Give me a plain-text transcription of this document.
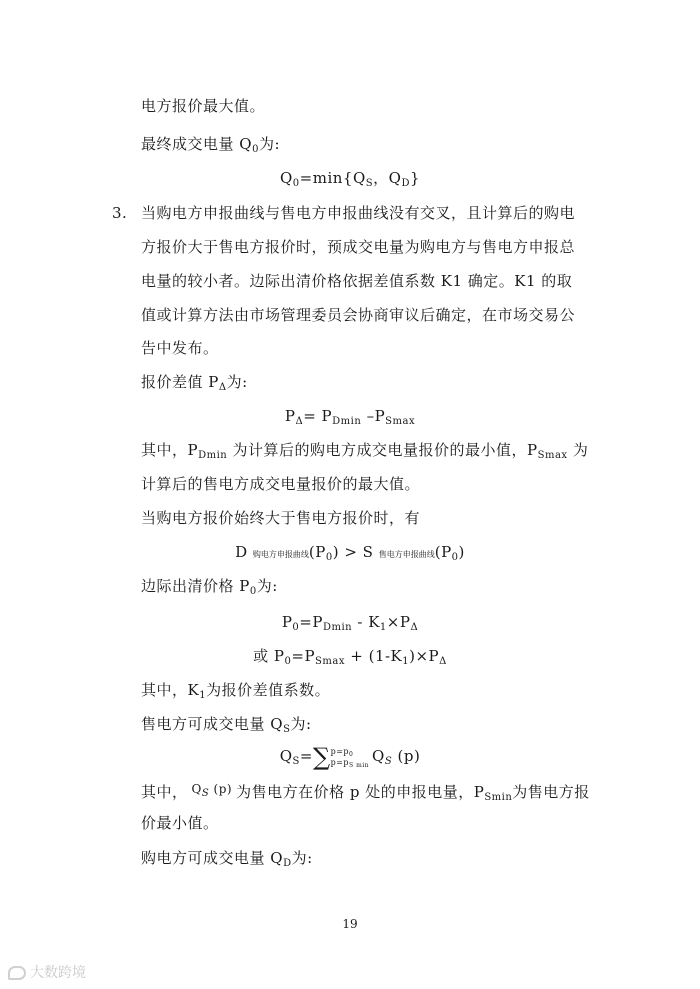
电方报价最大值。
最终成交电量 $Q_0$为:
$Q_0=\min\{Q_S$，$Q_D$}
3. 当购电方申报曲线与售电方申报曲线没有交叉，且计算后的购电
方报价大于售电方报价时，预成交电量为购电方与售电方申报总
电量的较小者。边际出清价格依据差值系数 K1 确定。K1 的取
值或计算方法由市场管理委员会协商审议后确定，在市场交易公
告中发布。
报价差值 $P_\Delta$为:
$P_\Delta= P_{Dmin}$ $-P_{Smax}$
其中，$P_{Dmin}$ 为计算后的购电方成交电量报价的最小值，$P_{Smax}$ 为
计算后的售电方成交电量报价的最大值。
当购电方报价始终大于售电方报价时，有
D 购电方申报曲线$(P_0) > S$ 售电方申报曲线$(P_0)$
边际出清价格 $P_0$为:
$P_0=P_{Dmin} - K_1\times P_\Delta$
或 $P_0=P_{Smax} + (1-K_1)\times P_\Delta$
其中，$K_1$为报价差值系数。
售电方可成交电量 $Q_S$为:
$Q_S=\sum$ $p=p_0$
$p=p_{S min}$
$Q_S$ (p)
其中， $^{Q_S (p)}$ 为售电方在价格 p 处的申报电量，$P_{Smin}$为售电方报
价最小值。
购电方可成交电量 $Q_D$为:
19
大数跨境
